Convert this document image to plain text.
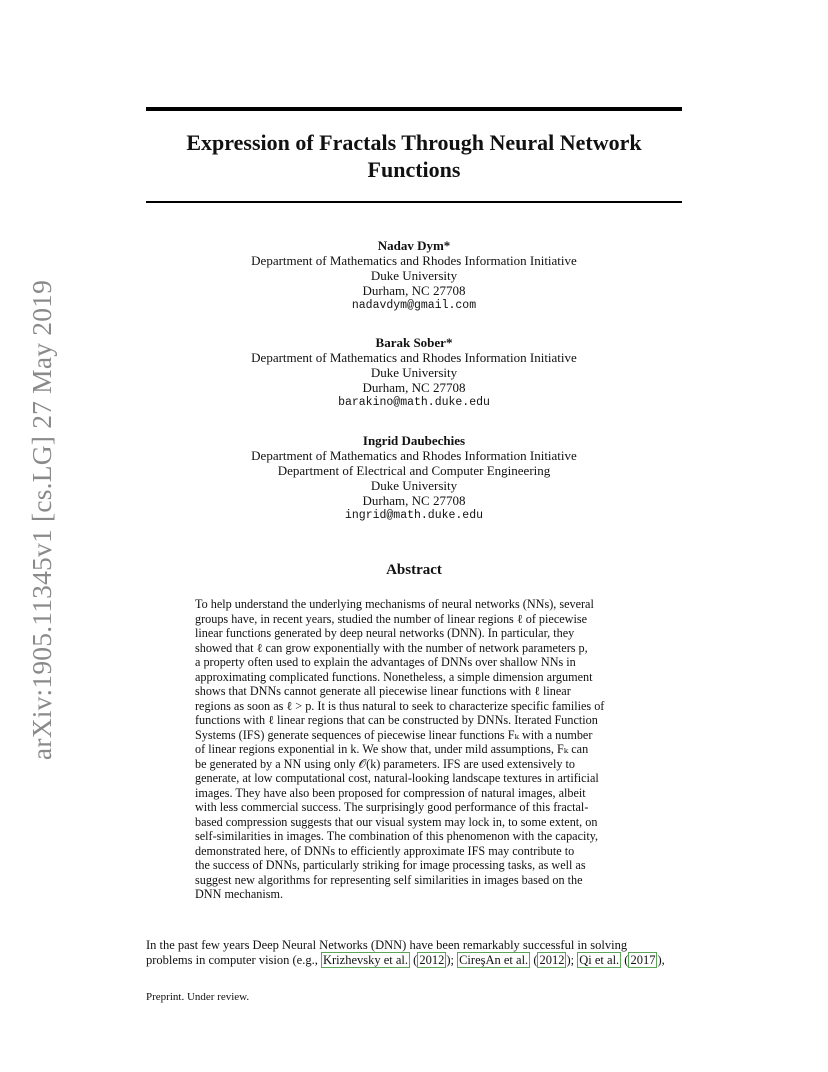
arXiv:1905.11345v1 [cs.LG] 27 May 2019
Expression of Fractals Through Neural Network
Functions
Nadav Dym*
Department of Mathematics and Rhodes Information Initiative
Duke University
Durham, NC 27708
nadavdym@gmail.com
Barak Sober*
Department of Mathematics and Rhodes Information Initiative
Duke University
Durham, NC 27708
barakino@math.duke.edu
Ingrid Daubechies
Department of Mathematics and Rhodes Information Initiative
Department of Electrical and Computer Engineering
Duke University
Durham, NC 27708
ingrid@math.duke.edu
Abstract
To help understand the underlying mechanisms of neural networks (NNs), several
groups have, in recent years, studied the number of linear regions ℓ of piecewise
linear functions generated by deep neural networks (DNN). In particular, they
showed that ℓ can grow exponentially with the number of network parameters p,
a property often used to explain the advantages of DNNs over shallow NNs in
approximating complicated functions. Nonetheless, a simple dimension argument
shows that DNNs cannot generate all piecewise linear functions with ℓ linear
regions as soon as ℓ > p. It is thus natural to seek to characterize specific families of
functions with ℓ linear regions that can be constructed by DNNs. Iterated Function
Systems (IFS) generate sequences of piecewise linear functions Fₖ with a number
of linear regions exponential in k. We show that, under mild assumptions, Fₖ can
be generated by a NN using only 𝒪(k) parameters. IFS are used extensively to
generate, at low computational cost, natural-looking landscape textures in artificial
images. They have also been proposed for compression of natural images, albeit
with less commercial success. The surprisingly good performance of this fractal-
based compression suggests that our visual system may lock in, to some extent, on
self-similarities in images. The combination of this phenomenon with the capacity,
demonstrated here, of DNNs to efficiently approximate IFS may contribute to
the success of DNNs, particularly striking for image processing tasks, as well as
suggest new algorithms for representing self similarities in images based on the
DNN mechanism.
In the past few years Deep Neural Networks (DNN) have been remarkably successful in solving
problems in computer vision (e.g., Krizhevsky et al. ( 2012 ); CireşAn et al. ( 2012 ); Qi et al. ( 2017 ),
Preprint. Under review.
